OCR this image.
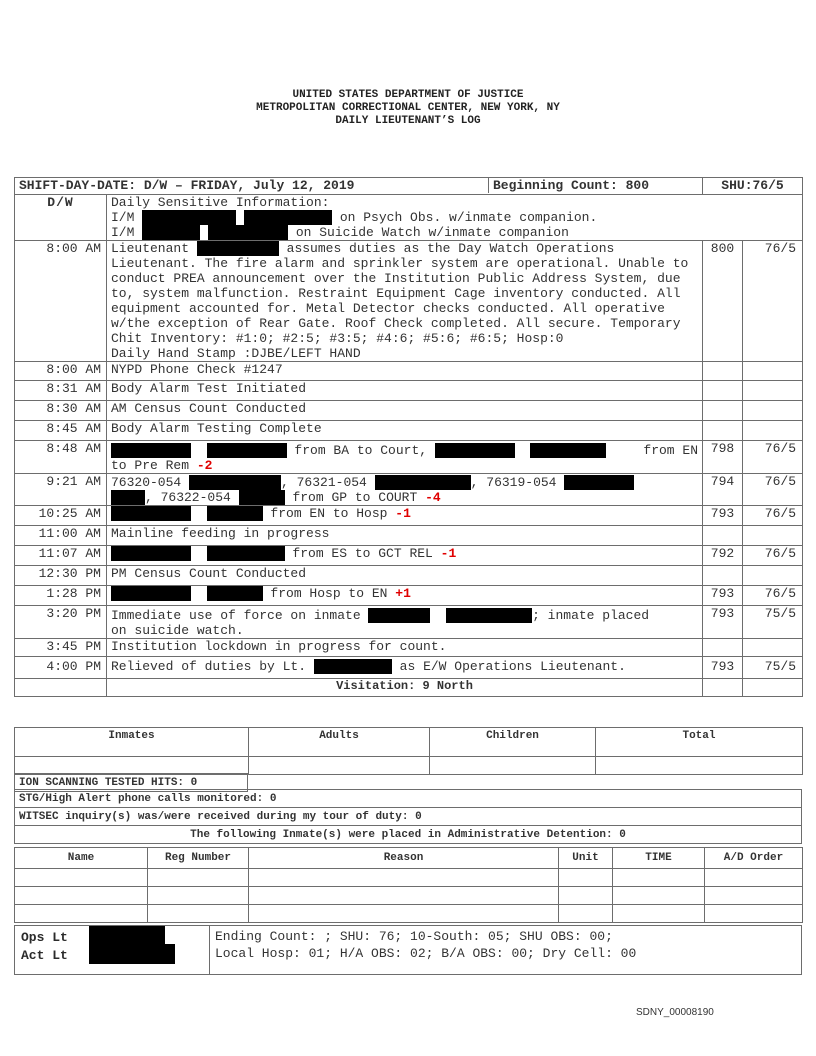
UNITED STATES DEPARTMENT OF JUSTICE
METROPOLITAN CORRECTIONAL CENTER, NEW YORK, NY
DAILY LIEUTENANT’S LOG
SHIFT-DAY-DATE: D/W – FRIDAY, July 12, 2019 Beginning Count: 800		SHU:76/5	
D/W	Daily Sensitive Information:
I/M on Psych Obs. w/inmate companion.
I/M on Suicide Watch w/inmate companion		

8:00 AM	Lieutenant assumes duties as the Day Watch Operations Lieutenant. The fire alarm and sprinkler system are operational. Unable to conduct PREA announcement over the Institution Public Address System, due to, system malfunction. Restraint Equipment Cage inventory conducted. All equipment accounted for. Metal Detector checks conducted. All operative w/the exception of Rear Gate. Roof Check completed. All secure. Temporary Chit Inventory: #1:0; #2:5; #3:5; #4:6; #5:6; #6:5; Hosp:0
Daily Hand Stamp :DJBE/LEFT HAND	800	76/5
8:00 AM	NYPD Phone Check #1247		
8:31 AM	Body Alarm Test Initiated		
8:30 AM	AM Census Count Conducted		
8:45 AM	Body Alarm Testing Complete		
8:48 AM	from BA to Court, from EN

to Pre Rem -2	798	76/5
9:21 AM	76320-054 , 76321-054 , 76319-054
, 76322-054 from GP to COURT -4	794	76/5
10:25 AM	from EN to Hosp -1	793	76/5
11:00 AM	Mainline feeding in progress		
11:07 AM	from ES to GCT REL -1	792	76/5
12:30 PM	PM Census Count Conducted		
1:28 PM	from Hosp to EN +1	793	76/5
3:20 PM	Immediate use of force on inmate ; inmate placed
on suicide watch.	793	75/5
3:45 PM	Institution lockdown in progress for count.		
4:00 PM	Relieved of duties by Lt. as E/W Operations Lieutenant.	793	75/5
	Visitation: 9 North		
Inmates	Adults	Children	Total

ION SCANNING TESTED HITS: 0
STG/High Alert phone calls monitored: 0
WITSEC inquiry(s) was/were received during my tour of duty: 0
The following Inmate(s) were placed in Administrative Detention: 0
Name	Reg Number	Reason	Unit	TIME	A/D Order

Ops Lt
Act Lt
Ending Count: ; SHU: 76; 10-South: 05; SHU OBS: 00;
Local Hosp: 01; H/A OBS: 02; B/A OBS: 00; Dry Cell: 00
SDNY_00008190
